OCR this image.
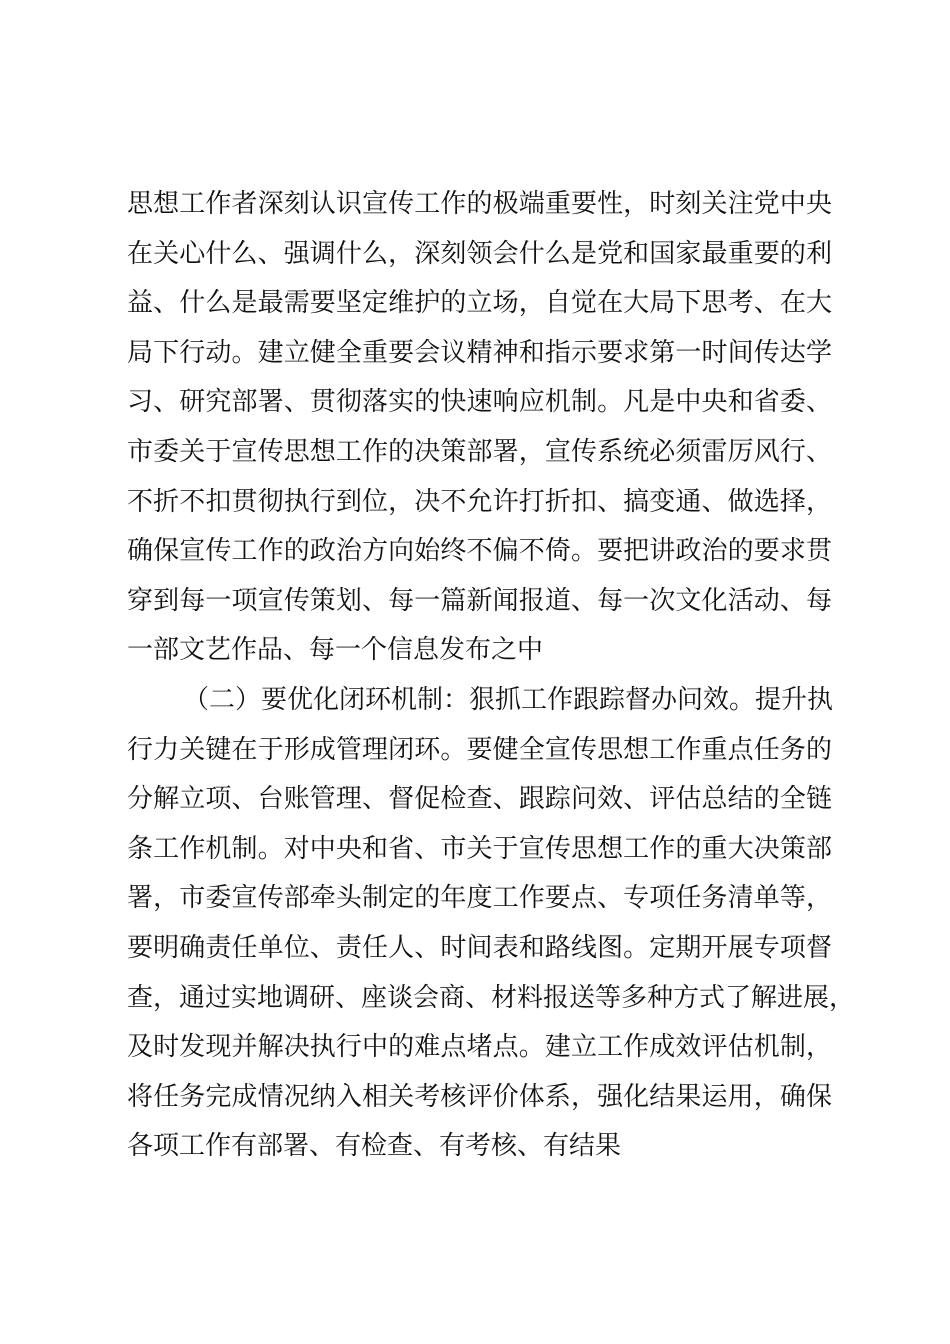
思想工作者深刻认识宣传工作的极端重要性，时刻关注党中央
在关心什么、强调什么，深刻领会什么是党和国家最重要的利
益、什么是最需要坚定维护的立场，自觉在大局下思考、在大
局下行动。建立健全重要会议精神和指示要求第一时间传达学
习、研究部署、贯彻落实的快速响应机制。凡是中央和省委、
市委关于宣传思想工作的决策部署，宣传系统必须雷厉风行、
不折不扣贯彻执行到位，决不允许打折扣、搞变通、做选择，
确保宣传工作的政治方向始终不偏不倚。要把讲政治的要求贯
穿到每一项宣传策划、每一篇新闻报道、每一次文化活动、每
一部文艺作品、每一个信息发布之中
（二）要优化闭环机制：狠抓工作跟踪督办问效。提升执
行力关键在于形成管理闭环。要健全宣传思想工作重点任务的
分解立项、台账管理、督促检查、跟踪问效、评估总结的全链
条工作机制。对中央和省、市关于宣传思想工作的重大决策部
署，市委宣传部牵头制定的年度工作要点、专项任务清单等，
要明确责任单位、责任人、时间表和路线图。定期开展专项督
查，通过实地调研、座谈会商、材料报送等多种方式了解进展，
及时发现并解决执行中的难点堵点。建立工作成效评估机制，
将任务完成情况纳入相关考核评价体系，强化结果运用，确保
各项工作有部署、有检查、有考核、有结果
